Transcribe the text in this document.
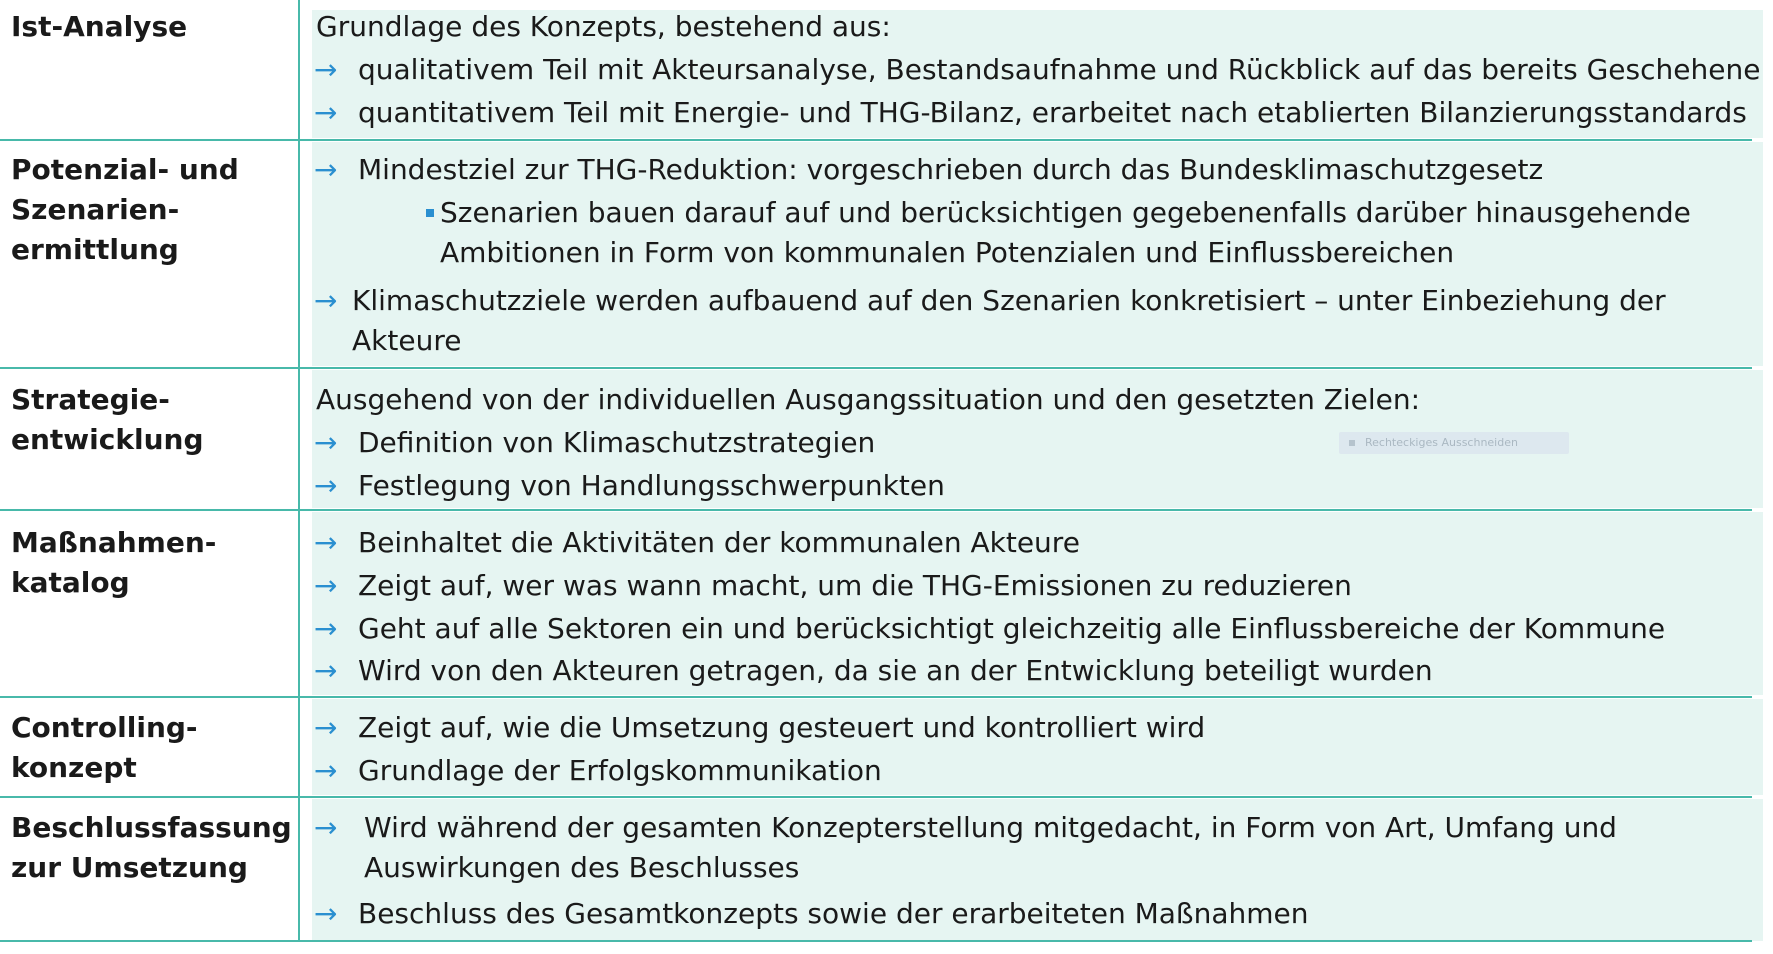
Ist-Analyse	Grundlage des Konzepts, bestehend aus:
→ qualitativem Teil mit Akteursanalyse, Bestandsaufnahme und Rückblick auf das bereits Geschehene
→ quantitativem Teil mit Energie- und THG-Bilanz, erarbeitet nach etablierten Bilanzierungsstandards
Potenzial- und
Szenarien-
ermittlung
→ Mindestziel zur THG-Reduktion: vorgeschrieben durch das Bundesklimaschutzgesetz
Szenarien bauen darauf auf und berücksichtigen gegebenenfalls darüber hinausgehende
Ambitionen in Form von kommunalen Potenzialen und Einflussbereichen
→ Klimaschutzziele werden aufbauend auf den Szenarien konkretisiert – unter Einbeziehung der
Akteure
Strategie-
entwicklung
Ausgehend von der individuellen Ausgangssituation und den gesetzten Zielen:
→ Definition von Klimaschutzstrategien
→ Festlegung von Handlungsschwerpunkten
Rechteckiges Ausschneiden
Maßnahmen-
katalog
→ Beinhaltet die Aktivitäten der kommunalen Akteure
→ Zeigt auf, wer was wann macht, um die THG-Emissionen zu reduzieren
→ Geht auf alle Sektoren ein und berücksichtigt gleichzeitig alle Einflussbereiche der Kommune
→ Wird von den Akteuren getragen, da sie an der Entwicklung beteiligt wurden
Controlling-
konzept
→ Zeigt auf, wie die Umsetzung gesteuert und kontrolliert wird
→ Grundlage der Erfolgskommunikation
Beschlussfassung
zur Umsetzung
→ Wird während der gesamten Konzepterstellung mitgedacht, in Form von Art, Umfang und
Auswirkungen des Beschlusses
→ Beschluss des Gesamtkonzepts sowie der erarbeiteten Maßnahmen
